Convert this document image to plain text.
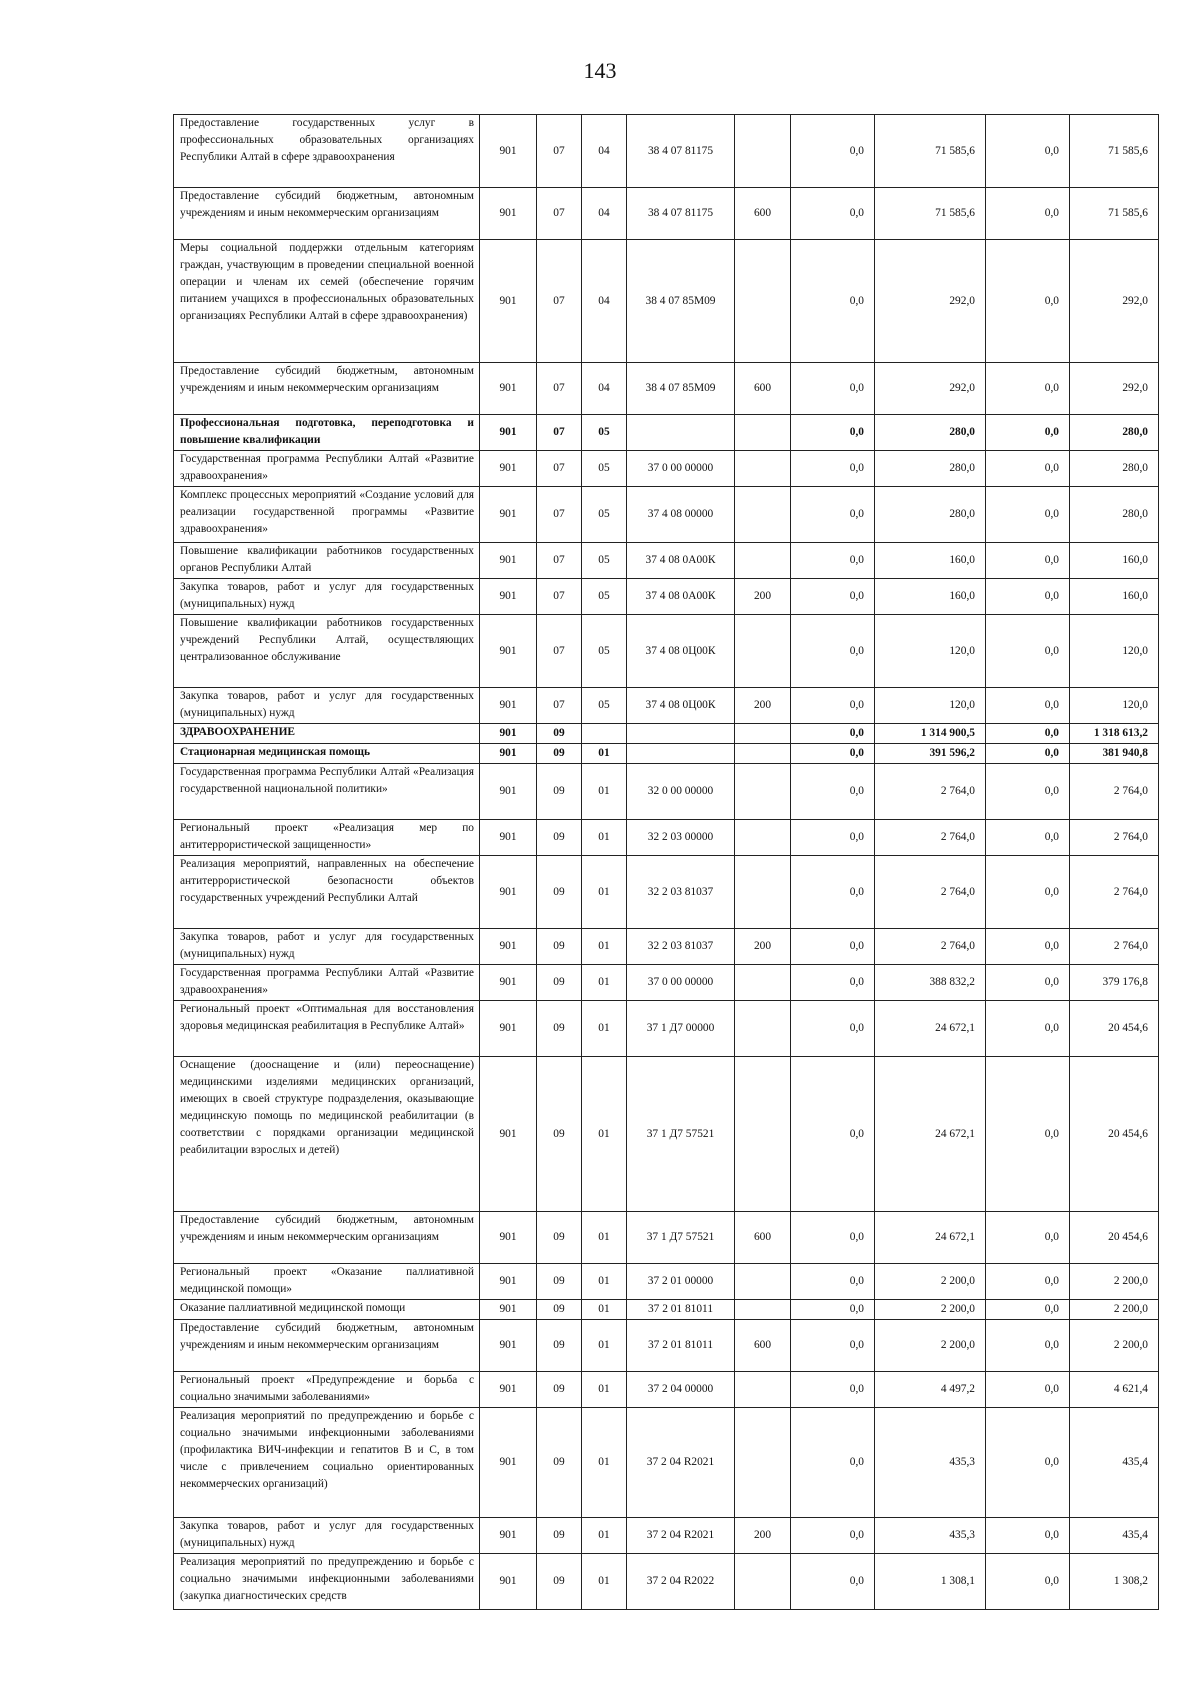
143
Предоставление государственных услуг в профессиональных образовательных организациях Республики Алтай в сфере здравоохранения	901	07	04	38 4 07 81175		0,0	71 585,6	0,0	71 585,6
Предоставление субсидий бюджетным, автономным учреждениям и иным некоммерческим организациям	901	07	04	38 4 07 81175	600	0,0	71 585,6	0,0	71 585,6
Меры социальной поддержки отдельным категориям граждан, участвующим в проведении специальной военной операции и членам их семей (обеспечение горячим питанием учащихся в профессиональных образовательных организациях Республики Алтай в сфере здравоохранения)	901	07	04	38 4 07 85М09		0,0	292,0	0,0	292,0
Предоставление субсидий бюджетным, автономным учреждениям и иным некоммерческим организациям	901	07	04	38 4 07 85М09	600	0,0	292,0	0,0	292,0
Профессиональная подготовка, переподготовка и повышение квалификации	901	07	05			0,0	280,0	0,0	280,0
Государственная программа Республики Алтай «Развитие здравоохранения»	901	07	05	37 0 00 00000		0,0	280,0	0,0	280,0
Комплекс процессных мероприятий «Создание условий для реализации государственной программы «Развитие здравоохранения»	901	07	05	37 4 08 00000		0,0	280,0	0,0	280,0
Повышение квалификации работников государственных органов Республики Алтай	901	07	05	37 4 08 0А00К		0,0	160,0	0,0	160,0
Закупка товаров, работ и услуг для государственных (муниципальных) нужд	901	07	05	37 4 08 0А00К	200	0,0	160,0	0,0	160,0
Повышение квалификации работников государственных учреждений Республики Алтай, осуществляющих централизованное обслуживание	901	07	05	37 4 08 0Ц00К		0,0	120,0	0,0	120,0
Закупка товаров, работ и услуг для государственных (муниципальных) нужд	901	07	05	37 4 08 0Ц00К	200	0,0	120,0	0,0	120,0
ЗДРАВООХРАНЕНИЕ	901	09				0,0	1 314 900,5	0,0	1 318 613,2
Стационарная медицинская помощь	901	09	01			0,0	391 596,2	0,0	381 940,8
Государственная программа Республики Алтай «Реализация государственной национальной политики»	901	09	01	32 0 00 00000		0,0	2 764,0	0,0	2 764,0
Региональный проект «Реализация мер по антитеррористической защищенности»	901	09	01	32 2 03 00000		0,0	2 764,0	0,0	2 764,0
Реализация мероприятий, направленных на обеспечение антитеррористической безопасности объектов государственных учреждений Республики Алтай	901	09	01	32 2 03 81037		0,0	2 764,0	0,0	2 764,0
Закупка товаров, работ и услуг для государственных (муниципальных) нужд	901	09	01	32 2 03 81037	200	0,0	2 764,0	0,0	2 764,0
Государственная программа Республики Алтай «Развитие здравоохранения»	901	09	01	37 0 00 00000		0,0	388 832,2	0,0	379 176,8
Региональный проект «Оптимальная для восстановления здоровья медицинская реабилитация в Республике Алтай»	901	09	01	37 1 Д7 00000		0,0	24 672,1	0,0	20 454,6
Оснащение (дооснащение и (или) переоснащение) медицинскими изделиями медицинских организаций, имеющих в своей структуре подразделения, оказывающие медицинскую помощь по медицинской реабилитации (в соответствии с порядками организации медицинской реабилитации взрослых и детей)	901	09	01	37 1 Д7 57521		0,0	24 672,1	0,0	20 454,6
Предоставление субсидий бюджетным, автономным учреждениям и иным некоммерческим организациям	901	09	01	37 1 Д7 57521	600	0,0	24 672,1	0,0	20 454,6
Региональный проект «Оказание паллиативной медицинской помощи»	901	09	01	37 2 01 00000		0,0	2 200,0	0,0	2 200,0
Оказание паллиативной медицинской помощи	901	09	01	37 2 01 81011		0,0	2 200,0	0,0	2 200,0
Предоставление субсидий бюджетным, автономным учреждениям и иным некоммерческим организациям	901	09	01	37 2 01 81011	600	0,0	2 200,0	0,0	2 200,0
Региональный проект «Предупреждение и борьба с социально значимыми заболеваниями»	901	09	01	37 2 04 00000		0,0	4 497,2	0,0	4 621,4
Реализация мероприятий по предупреждению и борьбе с социально значимыми инфекционными заболеваниями (профилактика ВИЧ-инфекции и гепатитов B и C, в том числе с привлечением социально ориентированных некоммерческих организаций)	901	09	01	37 2 04 R2021		0,0	435,3	0,0	435,4
Закупка товаров, работ и услуг для государственных (муниципальных) нужд	901	09	01	37 2 04 R2021	200	0,0	435,3	0,0	435,4
Реализация мероприятий по предупреждению и борьбе с социально значимыми инфекционными заболеваниями (закупка диагностических средств	901	09	01	37 2 04 R2022		0,0	1 308,1	0,0	1 308,2
